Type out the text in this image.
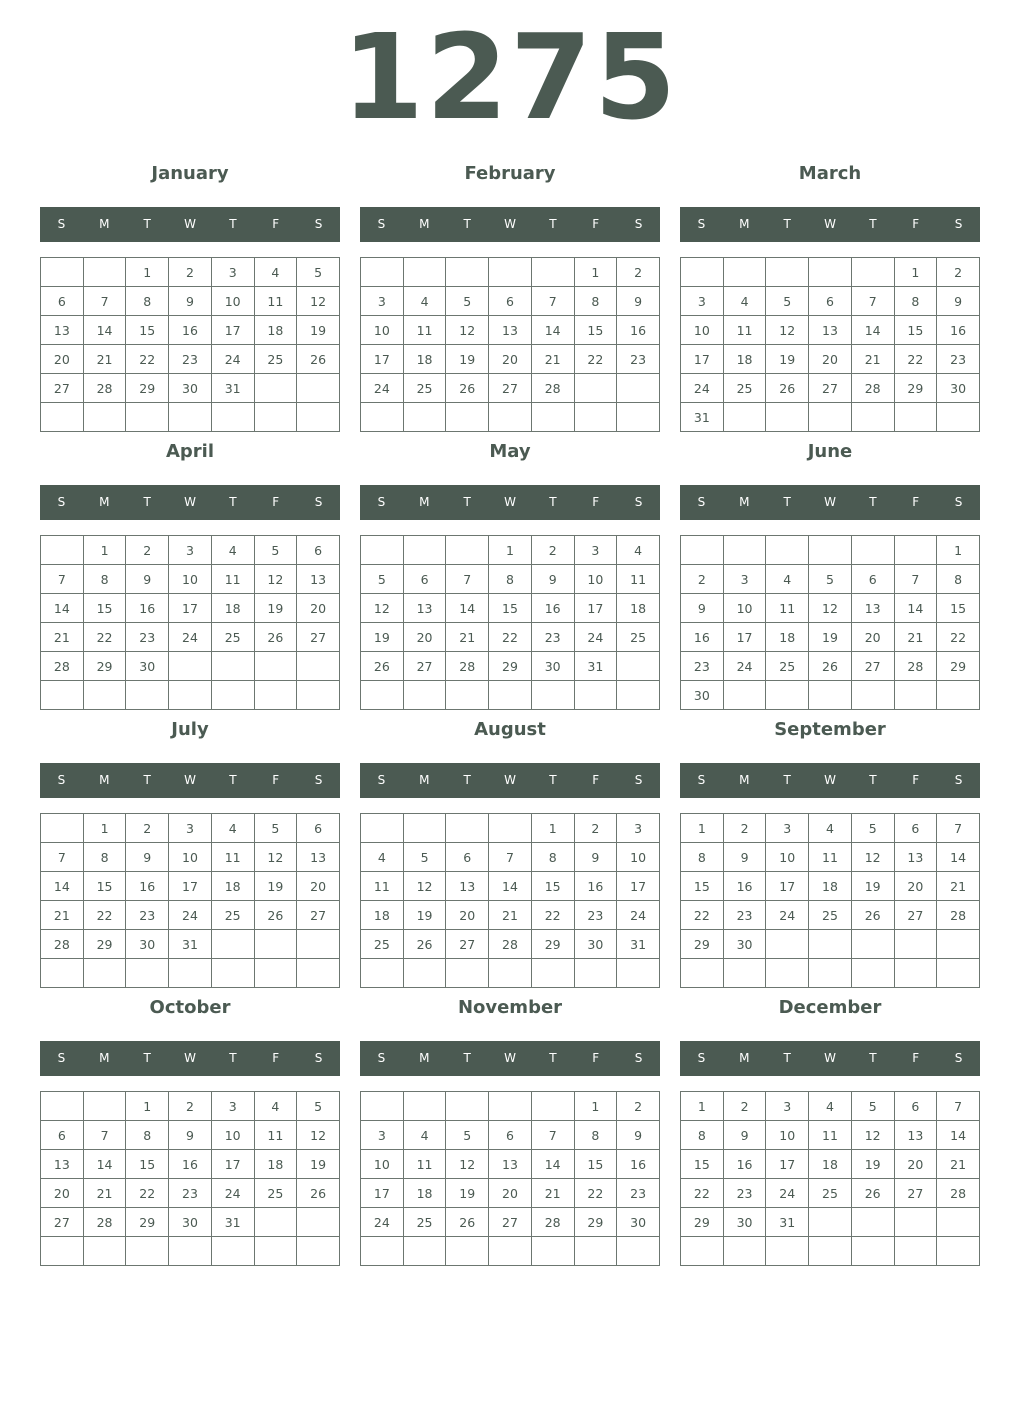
1275
January
S	M	T	W	T	F	S
		1	2	3	4	5
6	7	8	9	10	11	12
13	14	15	16	17	18	19
20	21	22	23	24	25	26
27	28	29	30	31		

February
S	M	T	W	T	F	S
					1	2
3	4	5	6	7	8	9
10	11	12	13	14	15	16
17	18	19	20	21	22	23
24	25	26	27	28		

March
S	M	T	W	T	F	S
					1	2
3	4	5	6	7	8	9
10	11	12	13	14	15	16
17	18	19	20	21	22	23
24	25	26	27	28	29	30
31						
April
S	M	T	W	T	F	S
	1	2	3	4	5	6
7	8	9	10	11	12	13
14	15	16	17	18	19	20
21	22	23	24	25	26	27
28	29	30				

May
S	M	T	W	T	F	S
			1	2	3	4
5	6	7	8	9	10	11
12	13	14	15	16	17	18
19	20	21	22	23	24	25
26	27	28	29	30	31	

June
S	M	T	W	T	F	S
						1
2	3	4	5	6	7	8
9	10	11	12	13	14	15
16	17	18	19	20	21	22
23	24	25	26	27	28	29
30						
July
S	M	T	W	T	F	S
	1	2	3	4	5	6
7	8	9	10	11	12	13
14	15	16	17	18	19	20
21	22	23	24	25	26	27
28	29	30	31			

August
S	M	T	W	T	F	S
				1	2	3
4	5	6	7	8	9	10
11	12	13	14	15	16	17
18	19	20	21	22	23	24
25	26	27	28	29	30	31

September
S	M	T	W	T	F	S
1	2	3	4	5	6	7
8	9	10	11	12	13	14
15	16	17	18	19	20	21
22	23	24	25	26	27	28
29	30					

October
S	M	T	W	T	F	S
		1	2	3	4	5
6	7	8	9	10	11	12
13	14	15	16	17	18	19
20	21	22	23	24	25	26
27	28	29	30	31		

November
S	M	T	W	T	F	S
					1	2
3	4	5	6	7	8	9
10	11	12	13	14	15	16
17	18	19	20	21	22	23
24	25	26	27	28	29	30

December
S	M	T	W	T	F	S
1	2	3	4	5	6	7
8	9	10	11	12	13	14
15	16	17	18	19	20	21
22	23	24	25	26	27	28
29	30	31				
